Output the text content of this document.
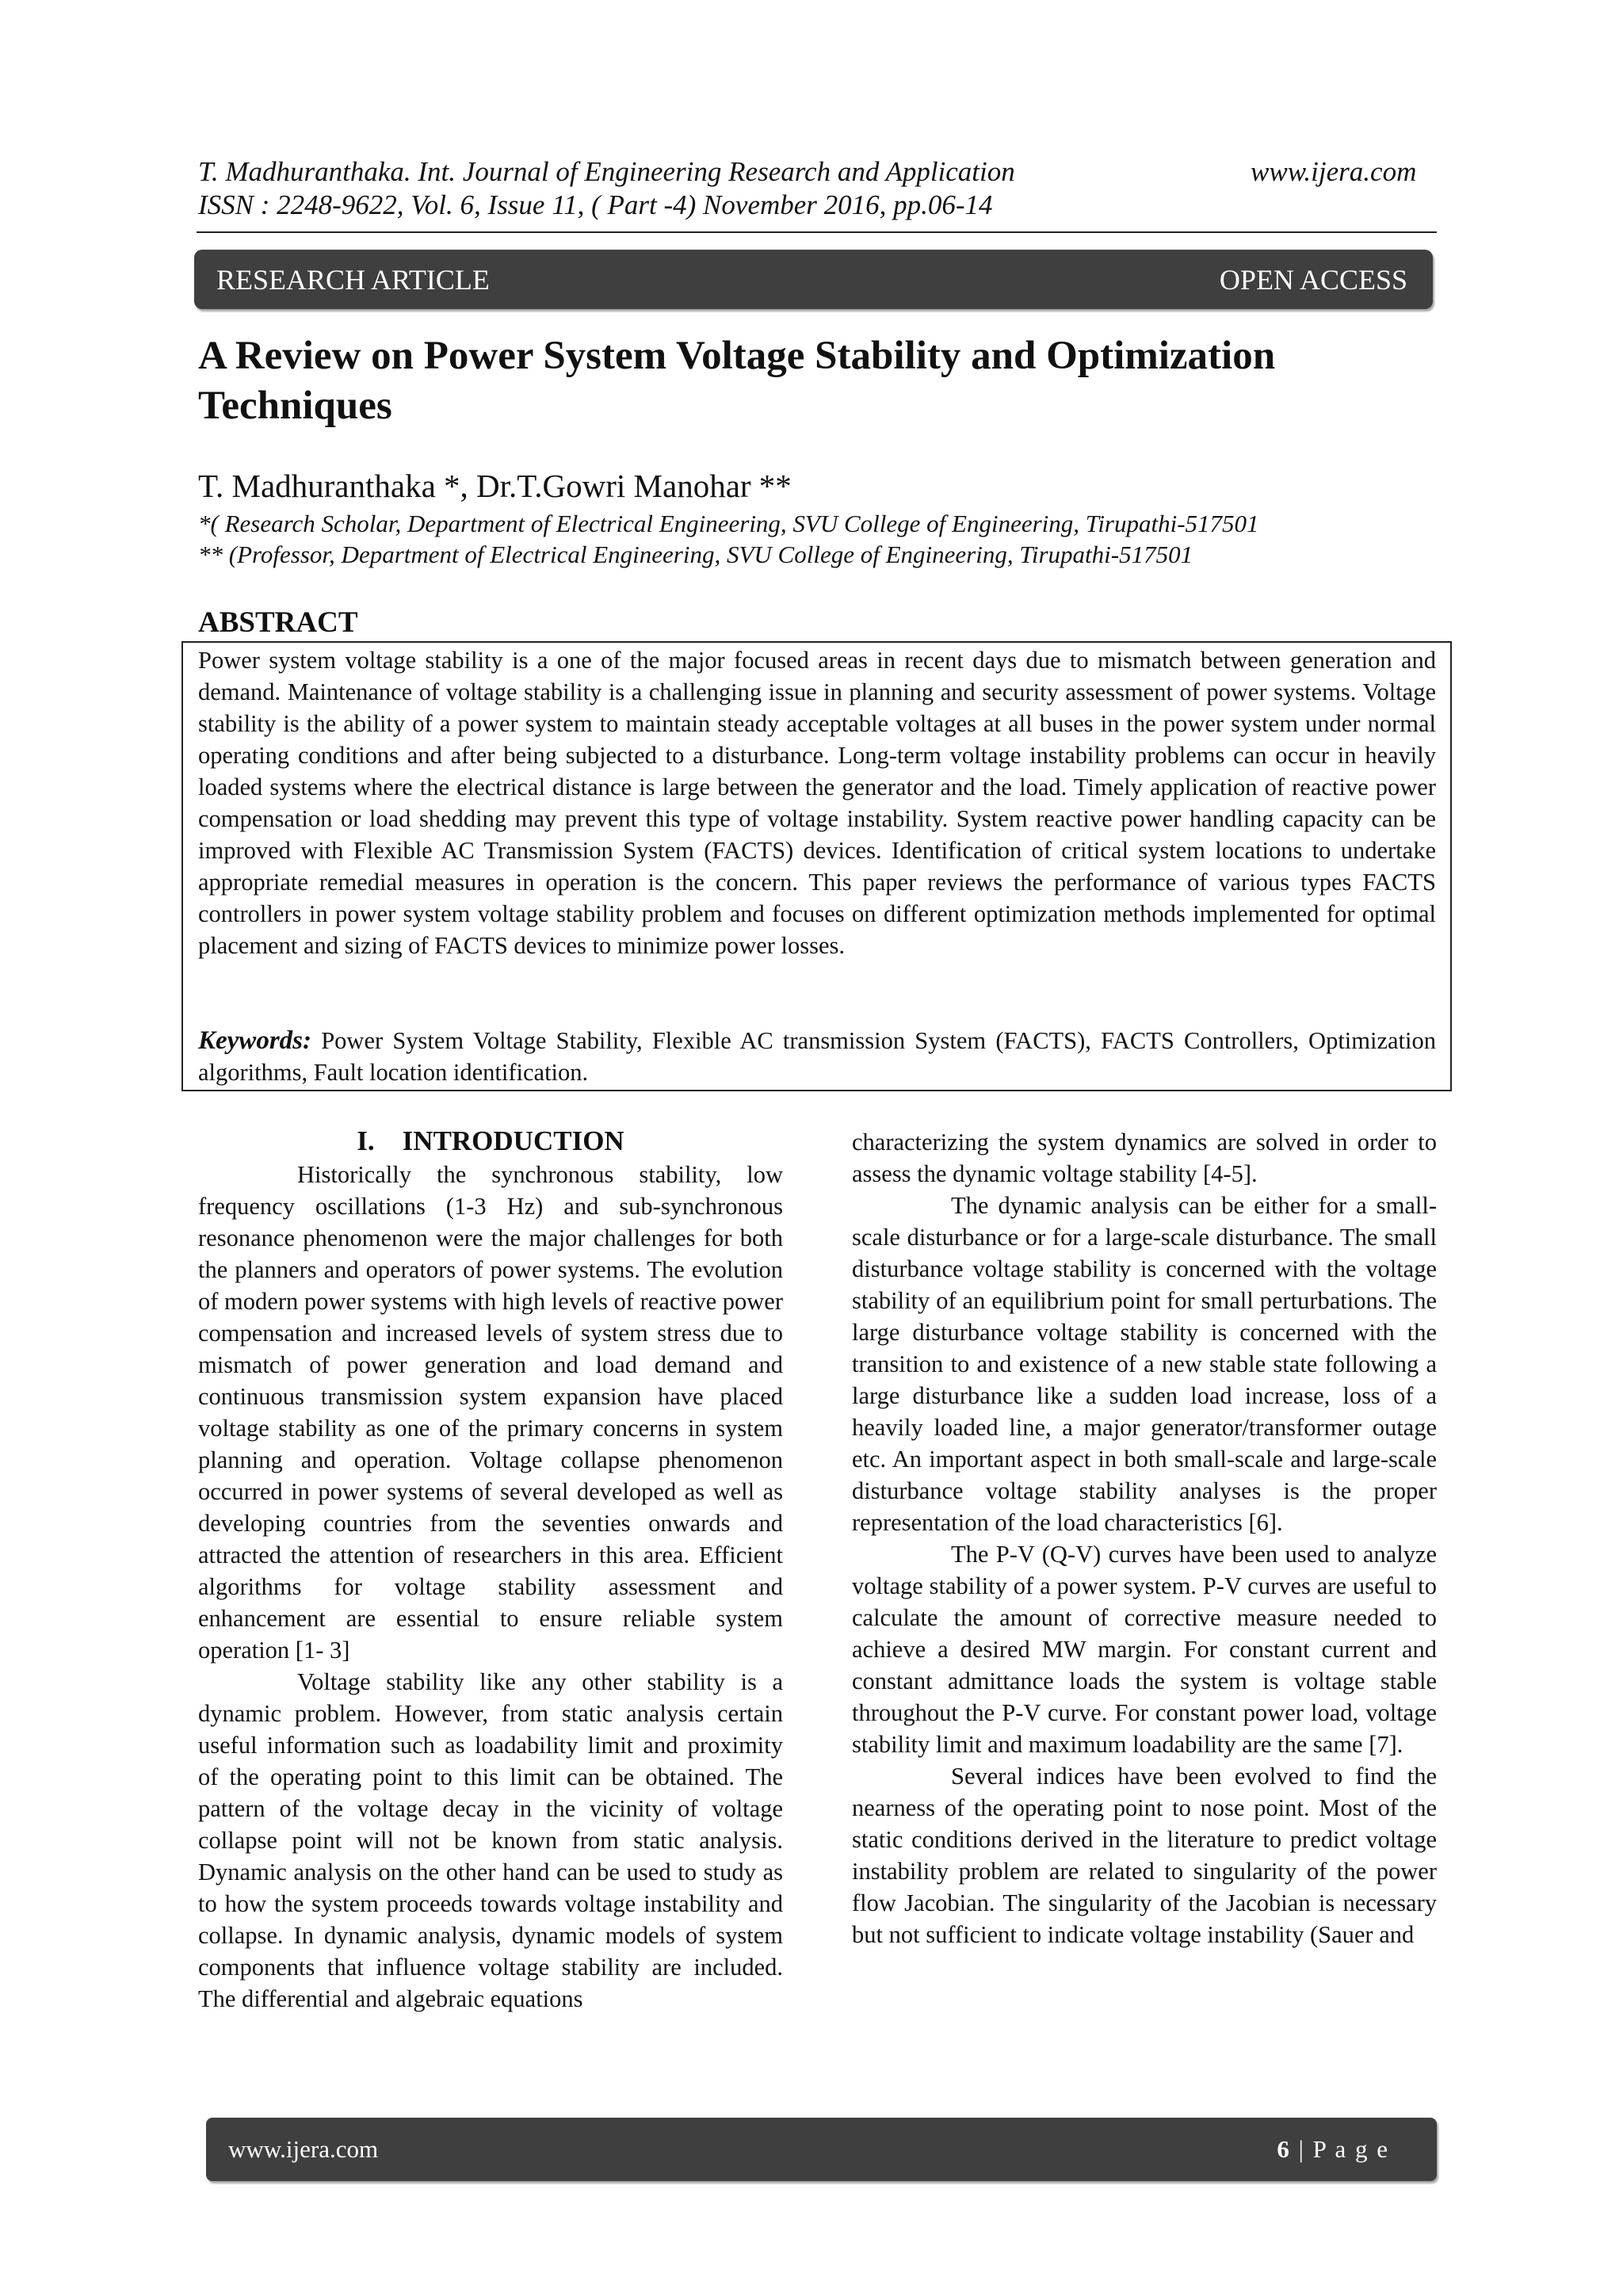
T. Madhuranthaka. Int. Journal of Engineering Research and Application	www.ijera.com
ISSN : 2248-9622, Vol. 6, Issue 11, ( Part -4) November 2016, pp.06-14
RESEARCH ARTICLE	OPEN ACCESS
A Review on Power System Voltage Stability and Optimization Techniques
T. Madhuranthaka *, Dr.T.Gowri Manohar **
*( Research Scholar, Department of Electrical Engineering, SVU College of Engineering, Tirupathi-517501
** (Professor, Department of Electrical Engineering, SVU College of Engineering, Tirupathi-517501
ABSTRACT
Power system voltage stability is a one of the major focused areas in recent days due to mismatch between generation and demand. Maintenance of voltage stability is a challenging issue in planning and security assessment of power systems. Voltage stability is the ability of a power system to maintain steady acceptable voltages at all buses in the power system under normal operating conditions and after being subjected to a disturbance. Long-term voltage instability problems can occur in heavily loaded systems where the electrical distance is large between the generator and the load. Timely application of reactive power compensation or load shedding may prevent this type of voltage instability. System reactive power handling capacity can be improved with Flexible AC Transmission System (FACTS) devices. Identification of critical system locations to undertake appropriate remedial measures in operation is the concern. This paper reviews the performance of various types FACTS controllers in power system voltage stability problem and focuses on different optimization methods implemented for optimal placement and sizing of FACTS devices to minimize power losses.
Keywords: Power System Voltage Stability, Flexible AC transmission System (FACTS), FACTS Controllers, Optimization algorithms, Fault location identification.
I. INTRODUCTION

Historically the synchronous stability, low frequency oscillations (1-3 Hz) and sub-synchronous resonance phenomenon were the major challenges for both the planners and operators of power systems. The evolution of modern power systems with high levels of reactive power compensation and increased levels of system stress due to mismatch of power generation and load demand and continuous transmission system expansion have placed voltage stability as one of the primary concerns in system planning and operation. Voltage collapse phenomenon occurred in power systems of several developed as well as developing countries from the seventies onwards and attracted the attention of researchers in this area. Efficient algorithms for voltage stability assessment and enhancement are essential to ensure reliable system operation [1- 3]

Voltage stability like any other stability is a dynamic problem. However, from static analysis certain useful information such as loadability limit and proximity of the operating point to this limit can be obtained. The pattern of the voltage decay in the vicinity of voltage collapse point will not be known from static analysis. Dynamic analysis on the other hand can be used to study as to how the system proceeds towards voltage instability and collapse. In dynamic analysis, dynamic models of system components that influence voltage stability are included. The differential and algebraic equations

characterizing the system dynamics are solved in order to assess the dynamic voltage stability [4-5].

The dynamic analysis can be either for a small-scale disturbance or for a large-scale disturbance. The small disturbance voltage stability is concerned with the voltage stability of an equilibrium point for small perturbations. The large disturbance voltage stability is concerned with the transition to and existence of a new stable state following a large disturbance like a sudden load increase, loss of a heavily loaded line, a major generator/transformer outage etc. An important aspect in both small-scale and large-scale disturbance voltage stability analyses is the proper representation of the load characteristics [6].

The P-V (Q-V) curves have been used to analyze voltage stability of a power system. P-V curves are useful to calculate the amount of corrective measure needed to achieve a desired MW margin. For constant current and constant admittance loads the system is voltage stable throughout the P-V curve. For constant power load, voltage stability limit and maximum loadability are the same [7].

Several indices have been evolved to find the nearness of the operating point to nose point. Most of the static conditions derived in the literature to predict voltage instability problem are related to singularity of the power flow Jacobian. The singularity of the Jacobian is necessary but not sufficient to indicate voltage instability (Sauer and

www.ijera.com	6 | P a g e
